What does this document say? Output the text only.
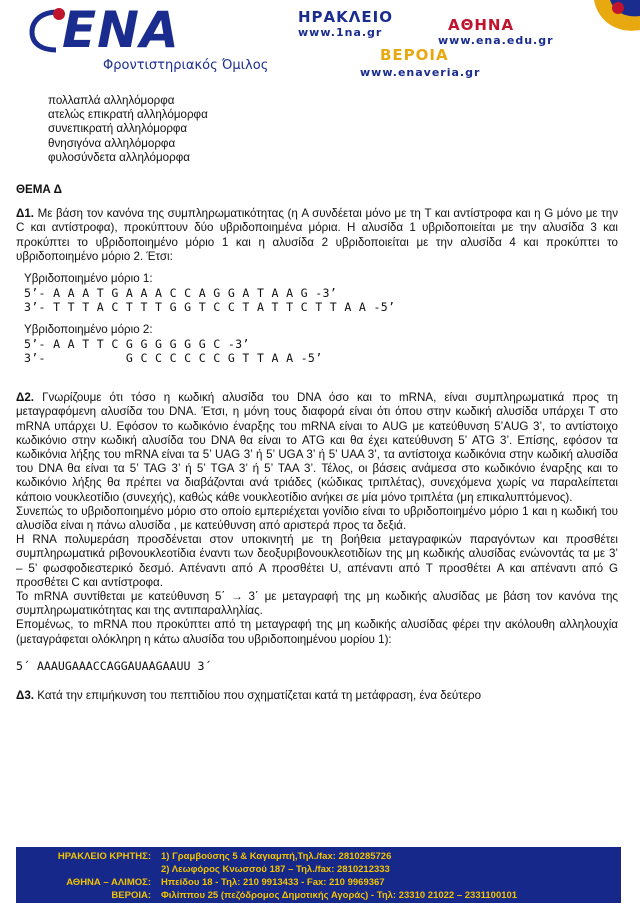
ENA
Φροντιστηριακός Όμιλος
ΗΡΑΚΛΕΙΟ
www.1na.gr	ΑΘΗΝΑ
www.ena.edu.gr
ΒΕΡΟΙΑ
www.enaveria.gr
πολλαπλά αλληλόμορφα
ατελώς επικρατή αλληλόμορφα
συνεπικρατή αλληλόμορφα
θνησιγόνα αλληλόμορφα
φυλοσύνδετα αλληλόμορφα
ΘΕΜΑ Δ
Δ1. Με βάση τον κανόνα της συμπληρωματικότητας (η A συνδέεται μόνο με τη T και αντίστροφα και η G μόνο με την C και αντίστροφα), προκύπτουν δύο υβριδοποιημένα μόρια. Η αλυσίδα 1 υβριδοποιείται με την αλυσίδα 3 και προκύπτει το υβριδοποιημένο μόριο 1 και η αλυσίδα 2 υβριδοποιείται με την αλυσίδα 4 και προκύπτει το υβριδοποιημένο μόριο 2. Έτσι:
Υβριδοποιημένο μόριο 1:
5’- A A A T G A A A C C A G G A T A A G -3’
3’- T T T A C T T T G G T C C T A T T C T T A A -5’
Υβριδοποιημένο μόριο 2:
5’- A A T T C G G G G G G C -3’
3’-           G C C C C C C G T T A A -5’
Δ2. Γνωρίζουμε ότι τόσο η κωδική αλυσίδα του DNA όσο και το mRNA, είναι συμπληρωματικά προς τη μεταγραφόμενη αλυσίδα του DNA. Έτσι, η μόνη τους διαφορά είναι ότι όπου στην κωδική αλυσίδα υπάρχει Τ στο mRNA υπάρχει U. Εφόσον το κωδικόνιο έναρξης του mRNA είναι το AUG με κατεύθυνση 5’AUG 3’, το αντίστοιχο κωδικόνιο στην κωδική αλυσίδα του DNA θα είναι το ATG και θα έχει κατεύθυνση 5’ ATG 3’. Επίσης, εφόσον τα κωδικόνια λήξης του mRNA είναι τα 5’ UAG 3’ ή 5’ UGA 3’ ή 5’ UAA 3’, τα αντίστοιχα κωδικόνια στην κωδική αλυσίδα του DNA θα είναι τα 5’ TAG 3’ ή 5’ TGA 3’ ή 5’ TAA 3’. Τέλος, οι βάσεις ανάμεσα στο κωδικόνιο έναρξης και το κωδικόνιο λήξης θα πρέπει να διαβάζονται ανά τριάδες (κώδικας τριπλέτας), συνεχόμενα χωρίς να παραλείπεται κάποιο νουκλεοτίδιο (συνεχής), καθώς κάθε νουκλεοτίδιο ανήκει σε μία μόνο τριπλέτα (μη επικαλυπτόμενος).
Συνεπώς το υβριδοποιημένο μόριο στο οποίο εμπεριέχεται γονίδιο είναι το υβριδοποιημένο μόριο 1 και η κωδική του αλυσίδα είναι η πάνω αλυσίδα , με κατεύθυνση από αριστερά προς τα δεξιά.
Η RNA πολυμεράση προσδένεται στον υποκινητή με τη βοήθεια μεταγραφικών παραγόντων και προσθέτει συμπληρωματικά ριβονουκλεοτίδια έναντι των δεοξυριβονουκλεοτιδίων της μη κωδικής αλυσίδας ενώνοντάς τα με 3’ – 5’ φωσφοδιεστερικό δεσμό. Απέναντι από A προσθέτει U, απέναντι από T προσθέτει A και απέναντι από G προσθέτει C και αντίστροφα.
Το mRNA συντίθεται με κατεύθυνση 5΄ → 3΄ με μεταγραφή της μη κωδικής αλυσίδας με βάση τον κανόνα της συμπληρωματικότητας και της αντιπαραλληλίας.
Επομένως, το mRNA που προκύπτει από τη μεταγραφή της μη κωδικής αλυσίδας φέρει την ακόλουθη αλληλουχία (μεταγράφεται ολόκληρη η κάτω αλυσίδα του υβριδοποιημένου μορίου 1):
5΄ AAAUGAAACCAGGAUAAGAAUU 3΄
Δ3. Κατά την επιμήκυνση του πεπτιδίου που σχηματίζεται κατά τη μετάφραση, ένα δεύτερο
ΗΡΑΚΛΕΙΟ ΚΡΗΤΗΣ: 1) Γραμβούσης 5 & Καγιαμπή,Τηλ./fax: 2810285726
2) Λεωφόρος Κνωσσού 187 – Τηλ./fax: 2810212333
ΑΘΗΝΑ – ΑΛΙΜΟΣ: Ηπείδου 18 - Τηλ: 210 9913433 - Fax: 210 9969367
ΒΕΡΟΙΑ: Φιλίππου 25 (πεζόδρομος Δημοτικής Αγοράς) - Τηλ: 23310 21022 – 2331100101
